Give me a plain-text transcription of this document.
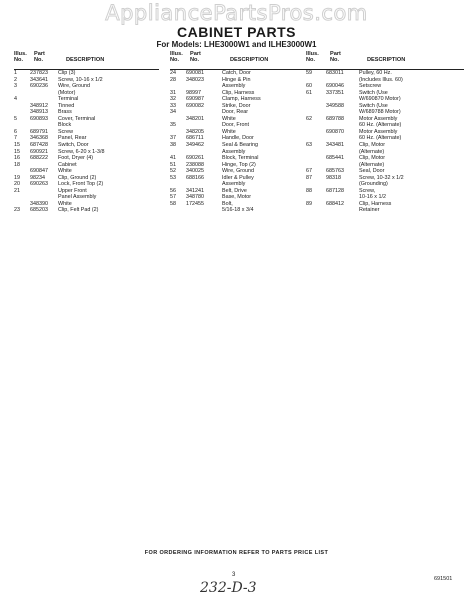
AppliancePartsPros.com
CABINET PARTS
For Models: LHE3000W1 and ILHE3000W1
Illus.
No.
Part
No.	DESCRIPTION
1 237823 Clip (3)
2 343641 Screw, 10-16 x 1/2
3 690236 Wire, Ground
(Motor)
4	Terminal
348912 Tinned
348913 Brass
5 690893 Cover, Terminal
Block
6 689791 Screw
7 346368 Panel, Rear
15 687428 Switch, Door
15 690921 Screw, 6-20 x 1-3/8
16 688222 Foot, Dryer (4)
18	Cabinet
690847 White
19 98234 Clip, Ground (2)
20 690263 Lock, Front Top (2)
21	Upper Front
Panel Assembly
348390 White
23 685203 Clip, Felt Pad (2)
Illus.
No.
Part
No.	DESCRIPTION
24 690081	Catch, Door
28 348023	Hinge & Pin
Assembly
31 98997	Clip, Harness
32 690987	Clamp, Harness
33 690082	Strike, Door
34	Door, Rear
348201	White
35	Door, Front
348205	White
37 686711	Handle, Door
38 349462	Seal & Bearing
Assembly
41 690261	Block, Terminal
51 238088	Hinge, Top (2)
52 340025	Wire, Ground
53 688166	Idler & Pulley
Assembly
56 341241	Belt, Drive
57 348780	Base, Motor
58 172455	Bolt,
5/16-18 x 3/4
Illus.
No.
Part
No.	DESCRIPTION
59	683011	Pulley, 60 Hz.
(Includes Illus. 60)
60	690046	Setscrew
61	337351	Switch (Use
W/690870 Motor)
349588	Switch (Use
W/689788 Motor)
62	689788	Motor Assembly
60 Hz. (Alternate)
690870	Motor Assembly
60 Hz. (Alternate)
63	343481	Clip, Motor
(Alternate)
685441	Clip, Motor
(Alternate)
67	685763	Seal, Door
87	98318	Screw, 10-32 x 1/2
(Grounding)
88	687128	Screw,
10-16 x 1/2
89	688412	Clip, Harness
Retainer
FOR ORDERING INFORMATION REFER TO PARTS PRICE LIST
3
232-D-3
691501
